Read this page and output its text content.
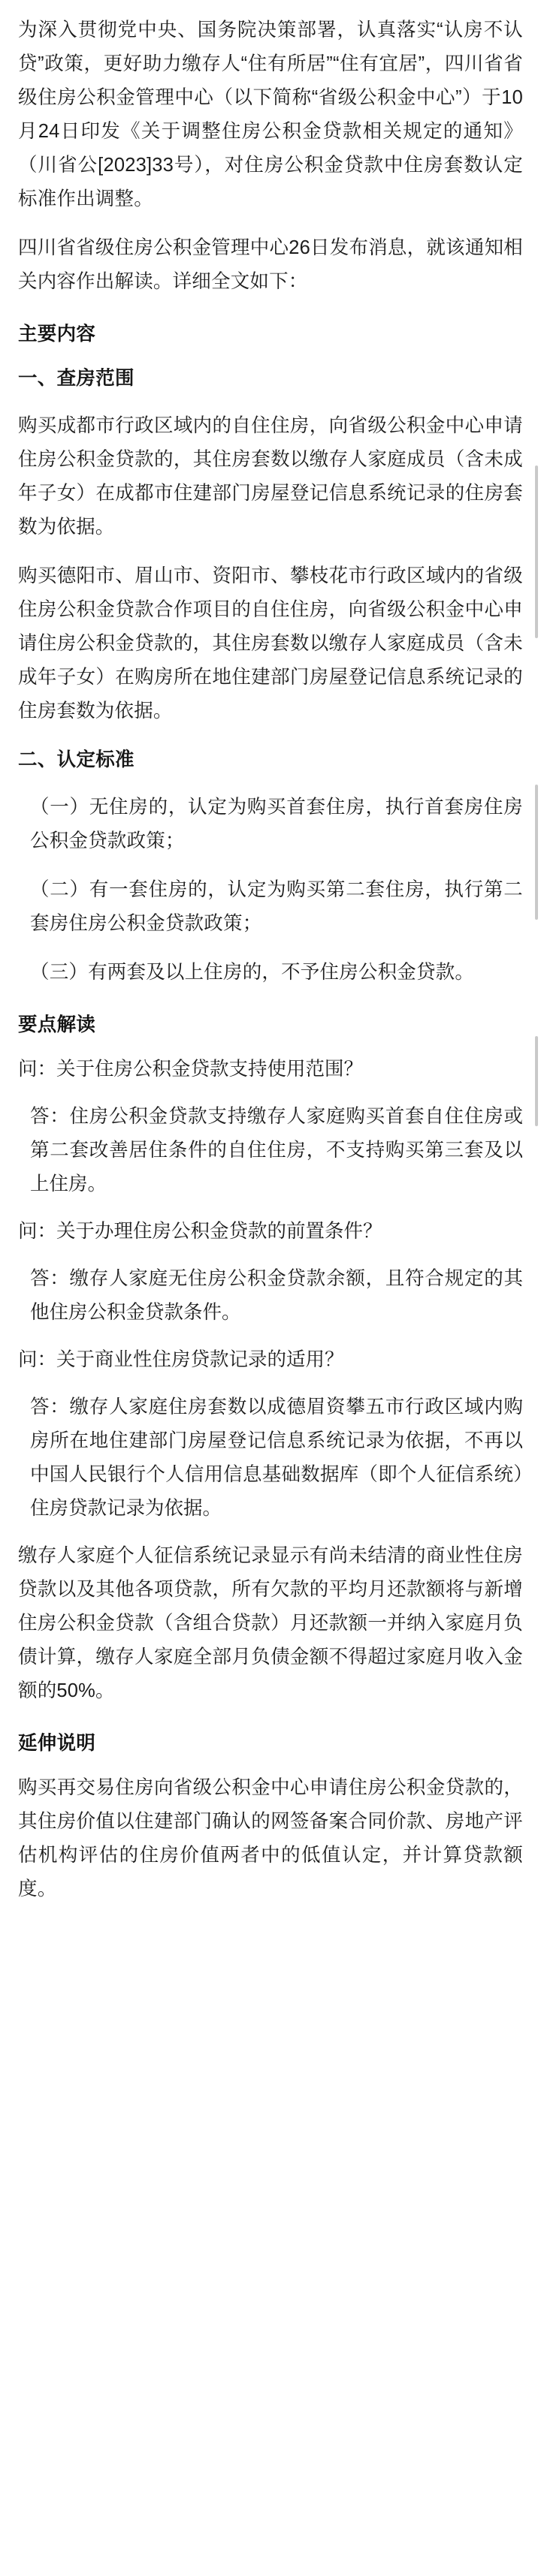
为深入贯彻党中央、国务院决策部署，认真落实“认房不认贷”政策，更好助力缴存人“住有所居”“住有宜居”，四川省省级住房公积金管理中心（以下简称“省级公积金中心”）于10月24日印发《关于调整住房公积金贷款相关规定的通知》（川省公[2023]33号），对住房公积金贷款中住房套数认定标准作出调整。

四川省省级住房公积金管理中心26日发布消息，就该通知相关内容作出解读。详细全文如下：

主要内容

一、查房范围

购买成都市行政区域内的自住住房，向省级公积金中心申请住房公积金贷款的，其住房套数以缴存人家庭成员（含未成年子女）在成都市住建部门房屋登记信息系统记录的住房套数为依据。

购买德阳市、眉山市、资阳市、攀枝花市行政区域内的省级住房公积金贷款合作项目的自住住房，向省级公积金中心申请住房公积金贷款的，其住房套数以缴存人家庭成员（含未成年子女）在购房所在地住建部门房屋登记信息系统记录的住房套数为依据。

二、认定标准

（一）无住房的，认定为购买首套住房，执行首套房住房公积金贷款政策；

（二）有一套住房的，认定为购买第二套住房，执行第二套房住房公积金贷款政策；

（三）有两套及以上住房的，不予住房公积金贷款。

要点解读

问：关于住房公积金贷款支持使用范围？

答：住房公积金贷款支持缴存人家庭购买首套自住住房或第二套改善居住条件的自住住房，不支持购买第三套及以上住房。

问：关于办理住房公积金贷款的前置条件？

答：缴存人家庭无住房公积金贷款余额，且符合规定的其他住房公积金贷款条件。

问：关于商业性住房贷款记录的适用？

答：缴存人家庭住房套数以成德眉资攀五市行政区域内购房所在地住建部门房屋登记信息系统记录为依据，不再以中国人民银行个人信用信息基础数据库（即个人征信系统）住房贷款记录为依据。

缴存人家庭个人征信系统记录显示有尚未结清的商业性住房贷款以及其他各项贷款，所有欠款的平均月还款额将与新增住房公积金贷款（含组合贷款）月还款额一并纳入家庭月负债计算，缴存人家庭全部月负债金额不得超过家庭月收入金额的50%。

延伸说明

购买再交易住房向省级公积金中心申请住房公积金贷款的，其住房价值以住建部门确认的网签备案合同价款、房地产评估机构评估的住房价值两者中的低值认定，并计算贷款额度。
